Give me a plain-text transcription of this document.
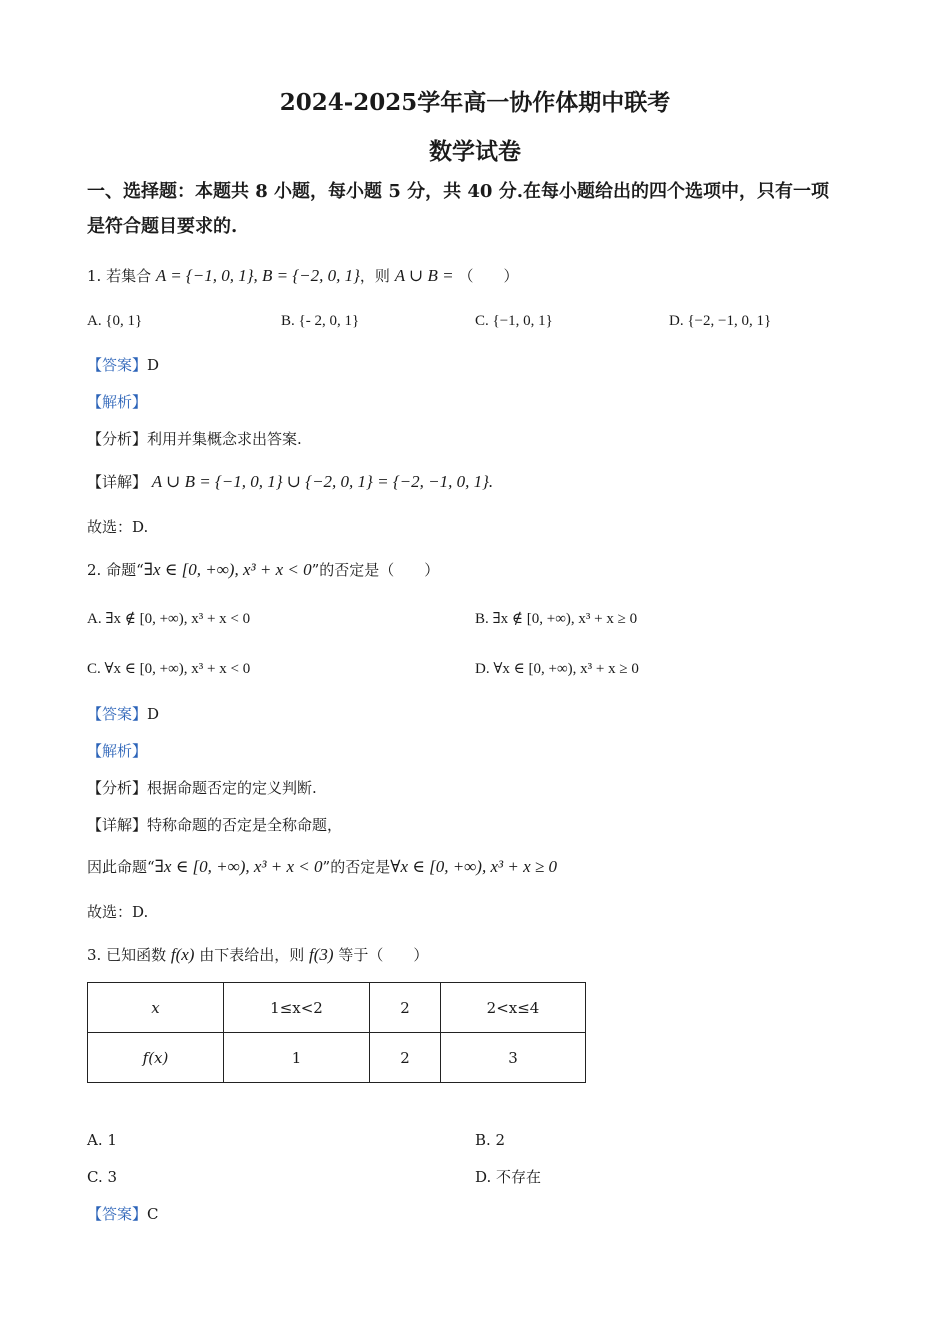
2024-2025学年高一协作体期中联考
数学试卷
一、选择题：本题共 8 小题，每小题 5 分，共 40 分.在每小题给出的四个选项中，只有一项
是符合题目要求的.
1. 若集合 A = {−1, 0, 1}, B = {−2, 0, 1}，则 A ∪ B = （　　）
A. {0, 1}	B. {- 2, 0, 1}	C. {−1, 0, 1}	D. {−2, −1, 0, 1}
【答案】D
【解析】
【分析】利用并集概念求出答案.
【详解】 A ∪ B = {−1, 0, 1} ∪ {−2, 0, 1} = {−2, −1, 0, 1}.
故选：D.
2. 命题“∃x ∈ [0, +∞), x³ + x < 0”的否定是（　　）
A. ∃x ∉ [0, +∞), x³ + x < 0	B. ∃x ∉ [0, +∞), x³ + x ≥ 0
C. ∀x ∈ [0, +∞), x³ + x < 0	D. ∀x ∈ [0, +∞), x³ + x ≥ 0
【答案】D
【解析】
【分析】根据命题否定的定义判断.
【详解】特称命题的否定是全称命题，
因此命题“∃x ∈ [0, +∞), x³ + x < 0”的否定是∀x ∈ [0, +∞), x³ + x ≥ 0
故选：D.
3. 已知函数 f(x) 由下表给出，则 f(3) 等于（　　）
x	1≤x<2	2	2<x≤4
f(x)	1	2	3
A. 1	B. 2
C. 3	D. 不存在
【答案】C
